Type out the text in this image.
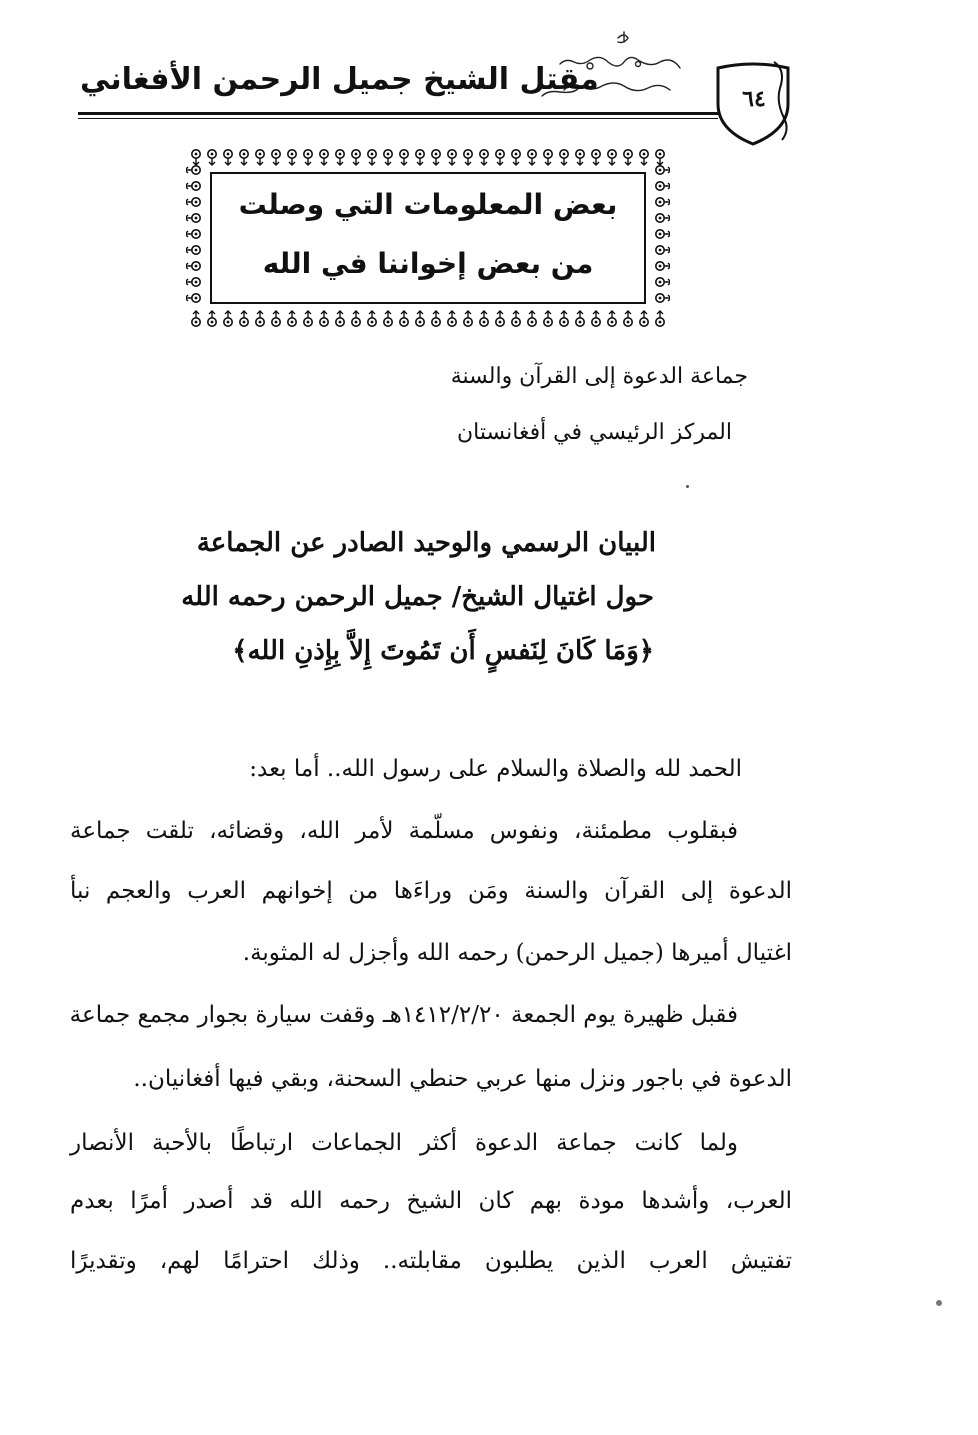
مقتل الشيخ جميل الرحمن الأفغاني
٦٤
بعض المعلومات التي وصلت
من بعض إخواننا في الله
جماعة الدعوة إلى القرآن والسنة
المركز الرئيسي في أفغانستان
البيان الرسمي والوحيد الصادر عن الجماعة
حول اغتيال الشيخ/ جميل الرحمن رحمه الله
﴿وَمَا كَانَ لِنَفسٍ أَن تَمُوتَ إِلاَّ بِإِذنِ الله﴾
الحمد لله والصلاة والسلام على رسول الله.. أما بعد:
فبقلوب مطمئنة، ونفوس مسلّمة لأمر الله، وقضائه، تلقت جماعة
الدعوة إلى القرآن والسنة ومَن وراءَها من إخوانهم العرب والعجم نبأ
اغتيال أميرها (جميل الرحمن) رحمه الله وأجزل له المثوبة.
فقبل ظهيرة يوم الجمعة ١٤١٢/٢/٢٠هـ وقفت سيارة بجوار مجمع جماعة
الدعوة في باجور ونزل منها عربي حنطي السحنة، وبقي فيها أفغانيان..
ولما كانت جماعة الدعوة أكثر الجماعات ارتباطًا بالأحبة الأنصار
العرب، وأشدها مودة بهم كان الشيخ رحمه الله قد أصدر أمرًا بعدم
تفتيش العرب الذين يطلبون مقابلته.. وذلك احترامًا لهم، وتقديرًا
